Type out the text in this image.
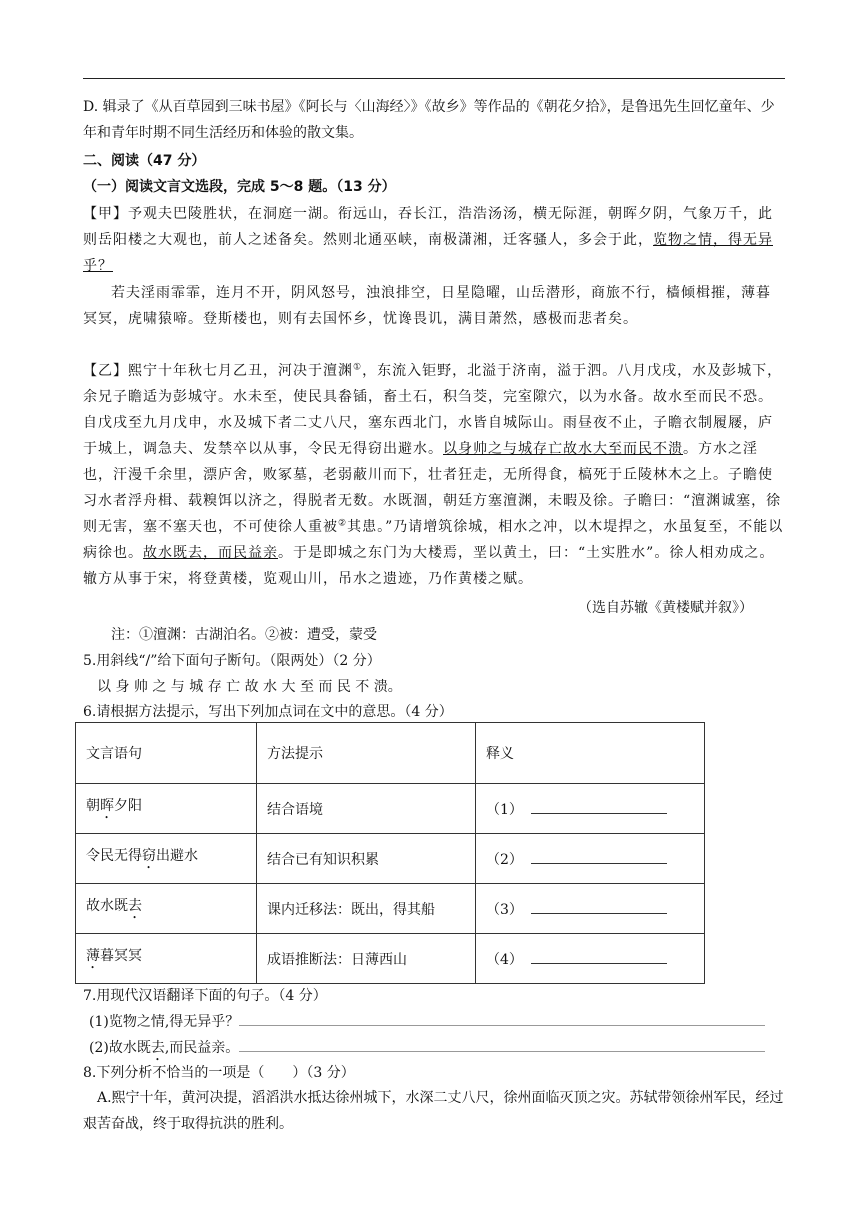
D. 辑录了《从百草园到三味书屋》《阿长与〈山海经〉》《故乡》等作品的《朝花夕拾》，是鲁迅先生回忆童年、少年和青年时期不同生活经历和体验的散文集。
二、阅读（47 分）
（一）阅读文言文选段，完成 5～8 题。（13 分）
【甲】予观夫巴陵胜状，在洞庭一湖。衔远山，吞长江，浩浩汤汤，横无际涯，朝晖夕阴，气象万千，此则岳阳楼之大观也，前人之述备矣。然则北通巫峡，南极潇湘，迁客骚人，多会于此，览物之情，得无异乎？
若夫淫雨霏霏，连月不开，阴风怒号，浊浪排空，日星隐曜，山岳潜形，商旅不行，樯倾楫摧，薄暮冥冥，虎啸猿啼。登斯楼也，则有去国怀乡，忧谗畏讥，满目萧然，感极而悲者矣。
【乙】熙宁十年秋七月乙丑，河决于澶渊①，东流入钜野，北溢于济南，溢于泗。八月戊戌，水及彭城下，余兄子瞻适为彭城守。水未至，使民具畚锸，畜土石，积刍茭，完室隙穴，以为水备。故水至而民不恐。自戊戌至九月戊申，水及城下者二丈八尺，塞东西北门，水皆自城际山。雨昼夜不止，子瞻衣制履屦，庐于城上，调急夫、发禁卒以从事，令民无得窃出避水。以身帅之与城存亡故水大至而民不溃。方水之淫也，汗漫千余里，漂庐舍，败冢墓，老弱蔽川而下，壮者狂走，无所得食，槁死于丘陵林木之上。子瞻使习水者浮舟楫、载糗饵以济之，得脱者无数。水既涸，朝廷方塞澶渊，未暇及徐。子瞻曰：“澶渊诚塞，徐则无害，塞不塞天也，不可使徐人重被②其患。”乃请增筑徐城，相水之冲，以木堤捍之，水虽复至，不能以病徐也。故水既去，而民益亲。于是即城之东门为大楼焉，垩以黄土，曰：“土实胜水”。徐人相劝成之。辙方从事于宋，将登黄楼，览观山川，吊水之遗迹，乃作黄楼之赋。
（选自苏辙《黄楼赋并叙》）
注：①澶渊：古湖泊名。②被：遭受，蒙受
5.用斜线“/”给下面句子断句。（限两处）（2 分）
以 身 帅 之 与 城 存 亡 故 水 大 至 而 民 不 溃。
6.请根据方法提示，写出下列加点词在文中的意思。（4 分）
文言语句	方法提示	释义
朝晖夕阳	结合语境	（1）
令民无得窃出避水	结合已有知识积累	（2）
故水既去	课内迁移法：既出，得其船	（3）
薄暮冥冥	成语推断法：日薄西山	（4）
7.用现代汉语翻译下面的句子。（4 分）
(1)览物之情,得无异乎？
(2)故水既去,而民益亲。
8.下列分析不恰当的一项是（　　）（3 分）
A.熙宁十年，黄河决提，滔滔洪水抵达徐州城下，水深二丈八尺，徐州面临灭顶之灾。苏轼带领徐州军民，经过艰苦奋战，终于取得抗洪的胜利。
